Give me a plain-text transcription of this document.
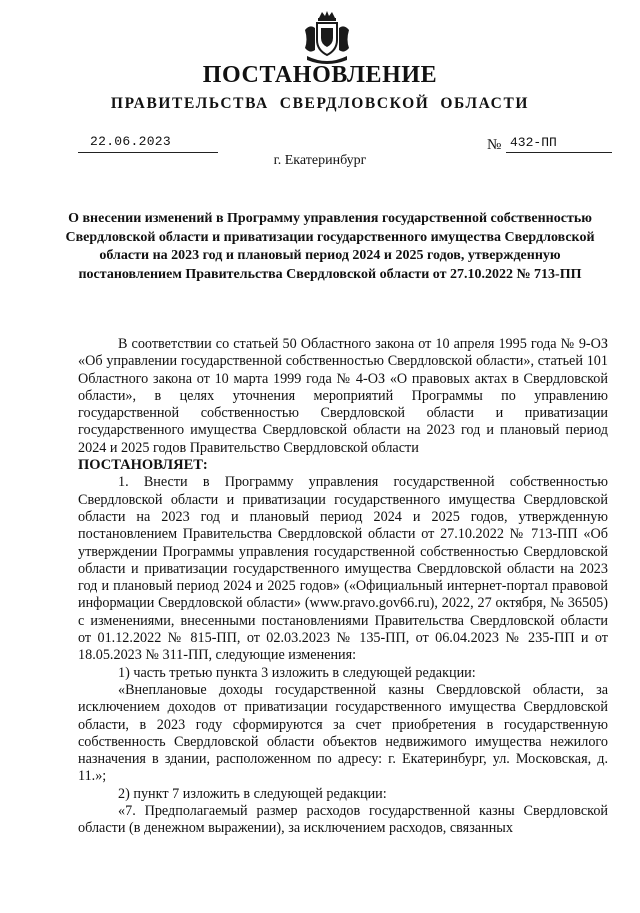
ПОСТАНОВЛЕНИЕ
ПРАВИТЕЛЬСТВА  СВЕРДЛОВСКОЙ  ОБЛАСТИ
22.06.2023	№ 432-ПП
г. Екатеринбург
О внесении изменений в Программу управления государственной собственностью Свердловской области и приватизации государственного имущества Свердловской области на 2023 год и плановый период 2024 и 2025 годов, утвержденную постановлением Правительства Свердловской области от 27.10.2022 № 713-ПП

В соответствии со статьей 50 Областного закона от 10 апреля 1995 года № 9-ОЗ «Об управлении государственной собственностью Свердловской области», статьей 101 Областного закона от 10 марта 1999 года № 4-ОЗ «О правовых актах в Свердловской области», в целях уточнения мероприятий Программы по управлению государственной собственностью Свердловской области и приватизации государственного имущества Свердловской области на 2023 год и плановый период 2024 и 2025 годов Правительство Свердловской области

ПОСТАНОВЛЯЕТ:

1. Внести в Программу управления государственной собственностью Свердловской области и приватизации государственного имущества Свердловской области на 2023 год и плановый период 2024 и 2025 годов, утвержденную постановлением Правительства Свердловской области от 27.10.2022 № 713-ПП «Об утверждении Программы управления государственной собственностью Свердловской области и приватизации государственного имущества Свердловской области на 2023 год и плановый период 2024 и 2025 годов» («Официальный интернет-портал правовой информации Свердловской области» (www.pravo.gov66.ru), 2022, 27 октября, № 36505) с изменениями, внесенными постановлениями Правительства Свердловской области от 01.12.2022 № 815-ПП, от 02.03.2023 № 135-ПП, от 06.04.2023 № 235-ПП и от 18.05.2023 № 311-ПП, следующие изменения:

1) часть третью пункта 3 изложить в следующей редакции:

«Внеплановые доходы государственной казны Свердловской области, за исключением доходов от приватизации государственного имущества Свердловской области, в 2023 году сформируются за счет приобретения в государственную собственность Свердловской области объектов недвижимого имущества нежилого назначения в здании, расположенном по адресу: г. Екатеринбург, ул. Московская, д. 11.»;

2) пункт 7 изложить в следующей редакции:

«7. Предполагаемый размер расходов государственной казны Свердловской области (в денежном выражении), за исключением расходов, связанных
